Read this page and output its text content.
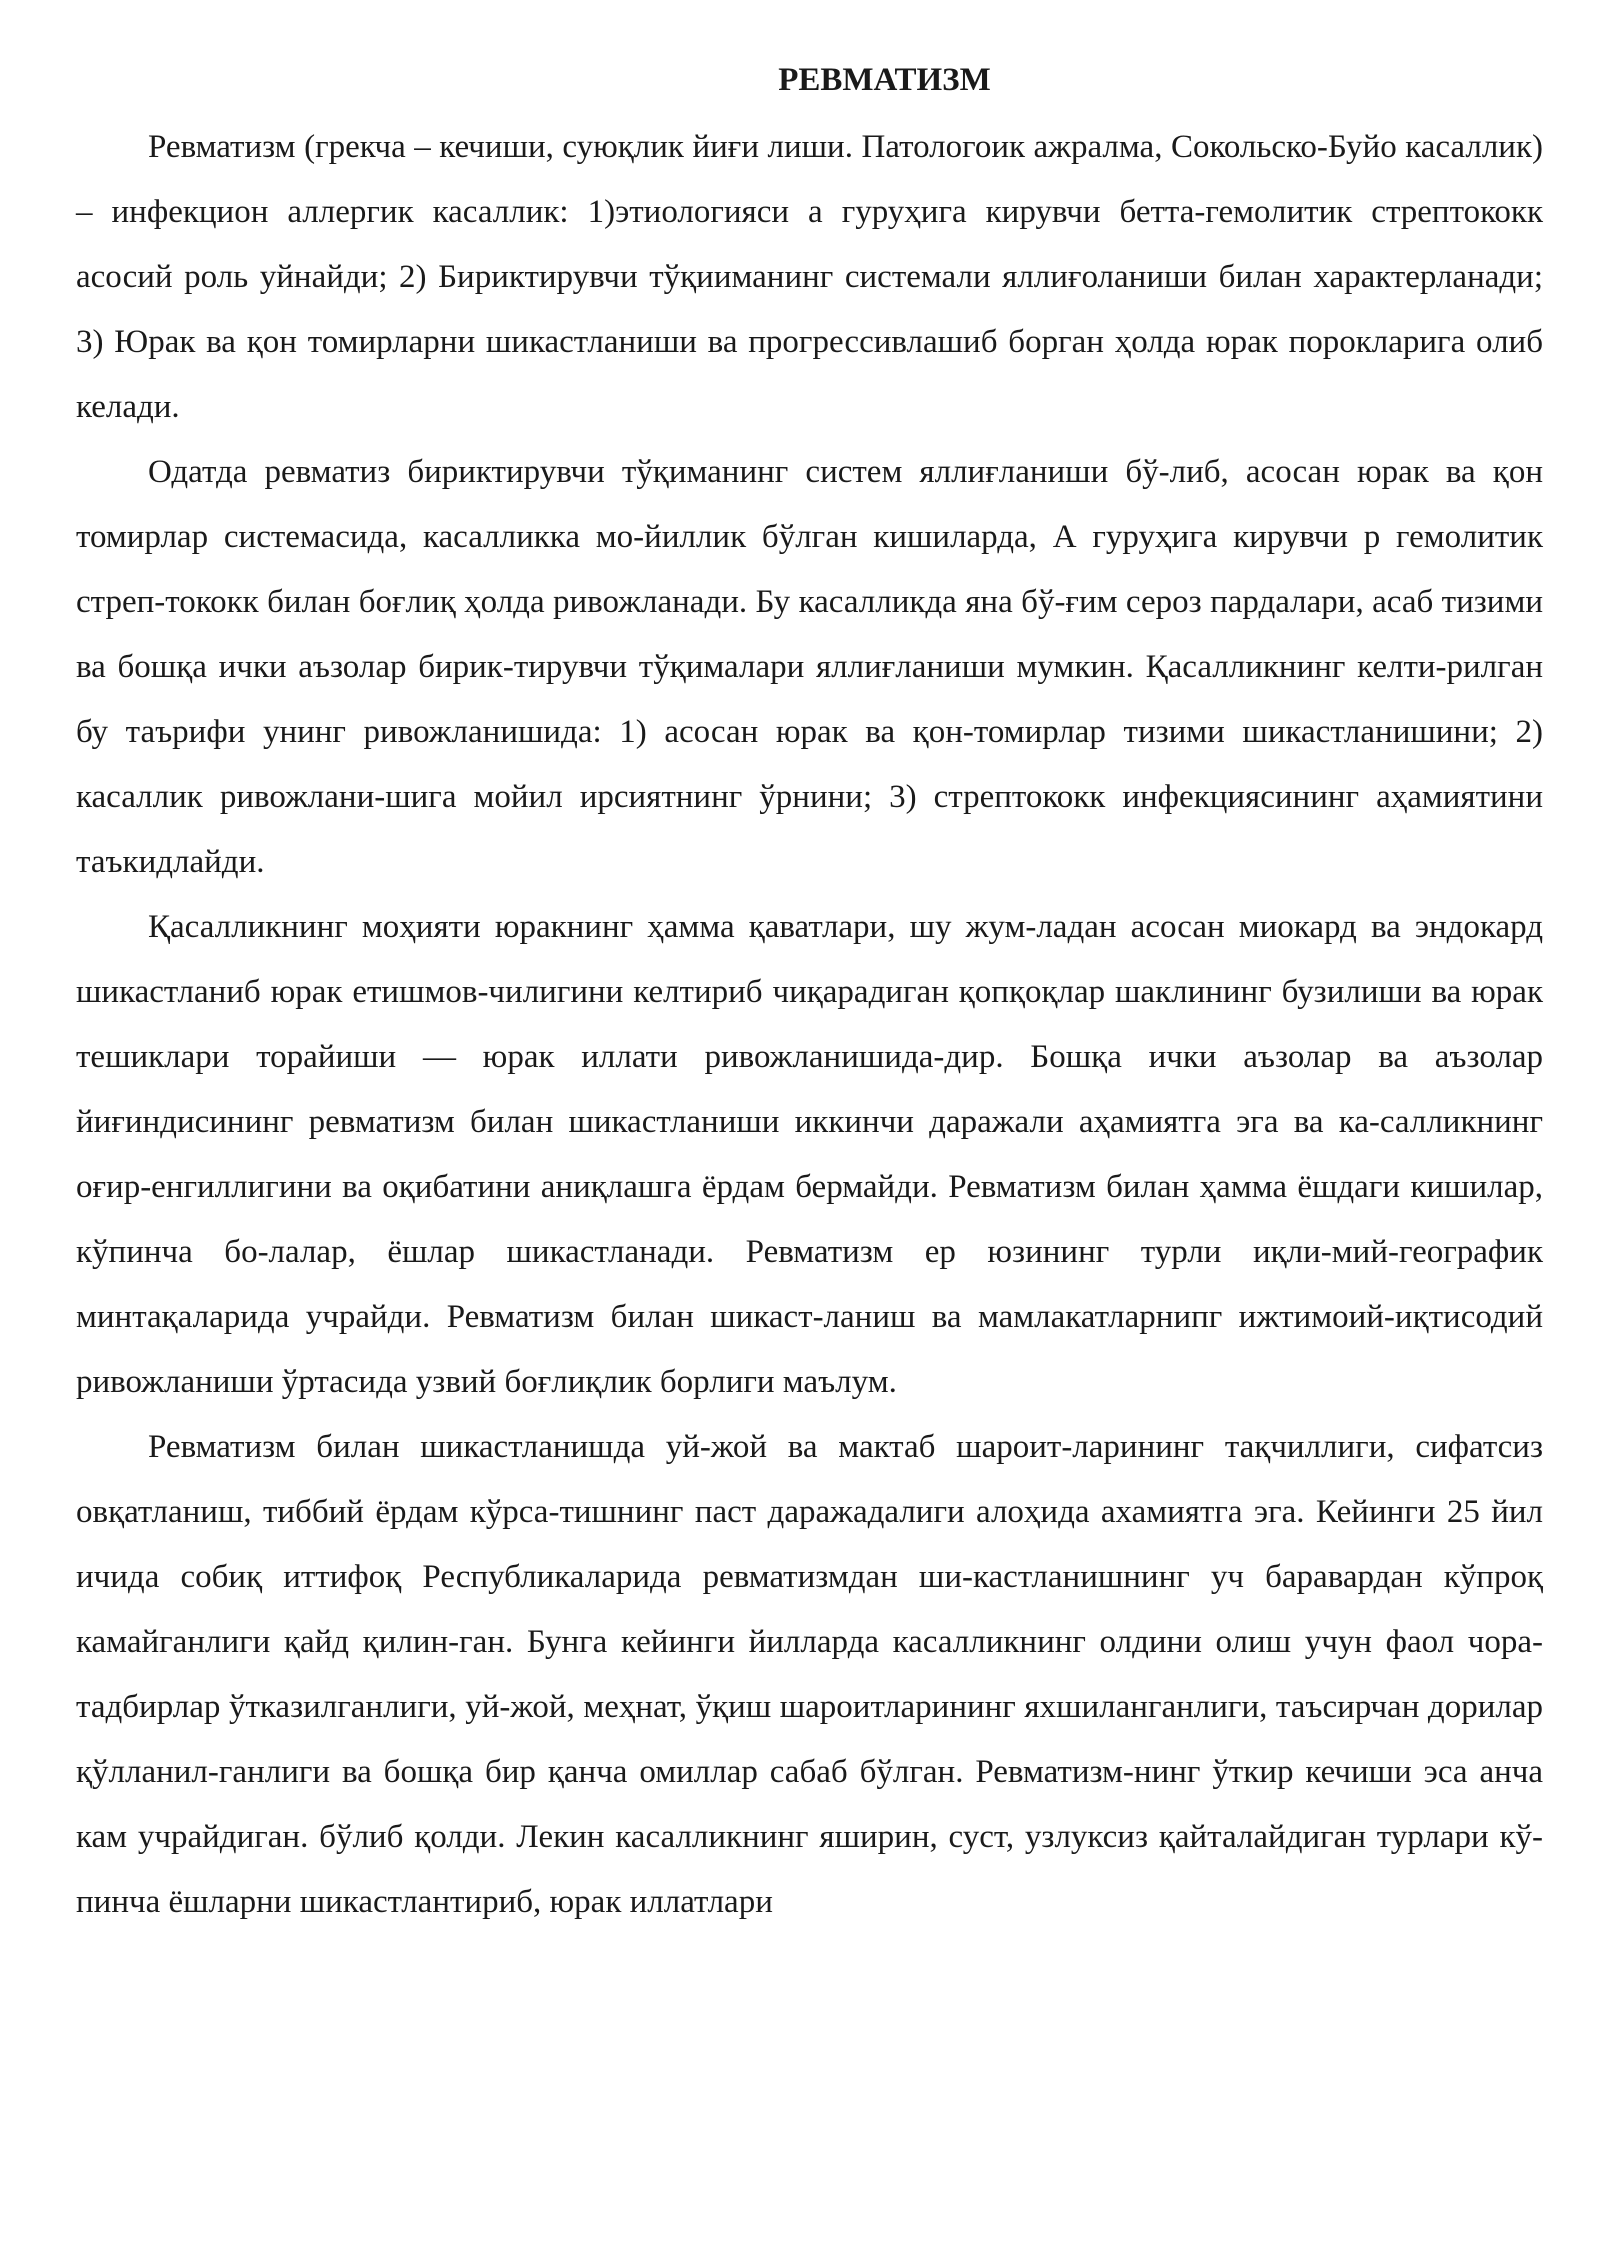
РЕВМАТИЗМ

Ревматизм (грекча – кечиши, суюқлик йиғи лиши. Патологоик ажралма, Сокольско-Буйо касаллик) – инфекцион аллергик касаллик: 1)этиологияси а гуруҳига кирувчи бетта-гемолитик стрептококк асосий роль уйнайди; 2) Бириктирувчи тўқииманинг системали яллиғоланиши билан характерланади; 3) Юрак ва қон томирларни шикастланиши ва прогрессивлашиб борган ҳолда юрак порокларига олиб келади.

Одатда ревматиз бириктирувчи тўқиманинг систем яллиғланиши бў-либ, асосан юрак ва қон томирлар системасида, касалликка мо-йиллик бўлган кишиларда, А гуруҳига кирувчи р гемолитик стреп-тококк билан боғлиқ ҳолда ривожланади. Бу касалликда яна бў-ғим сероз пардалари, асаб тизими ва бошқа ички аъзолар бирик-тирувчи тўқималари яллиғланиши мумкин. Қасалликнинг келти-рилган бу таърифи унинг ривожланишида: 1) асосан юрак ва қон-томирлар тизими шикастланишини; 2) касаллик ривожлани-шига мойил ирсиятнинг ўрнини; 3) стрептококк инфекциясининг аҳамиятини таъкидлайди.

Қасалликнинг моҳияти юракнинг ҳамма қаватлари, шу жум-ладан асосан миокард ва эндокард шикастланиб юрак етишмов-чилигини келтириб чиқарадиган қопқоқлар шаклининг бузилиши ва юрак тешиклари торайиши — юрак иллати ривожланишида-дир. Бошқа ички аъзолар ва аъзолар йиғиндисининг ревматизм билан шикастланиши иккинчи даражали аҳамиятга эга ва ка-салликнинг оғир-енгиллигини ва оқибатини аниқлашга ёрдам бермайди. Ревматизм билан ҳамма ёшдаги кишилар, кўпинча бо-лалар, ёшлар шикастланади. Ревматизм ер юзининг турли иқли-мий-географик минтақаларида учрайди. Ревматизм билан шикаст-ланиш ва мамлакатларнипг ижтимоий-иқтисодий ривожланиши ўртасида узвий боғлиқлик борлиги маълум.

Ревматизм билан шикастланишда уй-жой ва мактаб шароит-ларининг тақчиллиги, сифатсиз овқатланиш, тиббий ёрдам кўрса-тишнинг паст даражадалиги алоҳида ахамиятга эга. Кейинги 25 йил ичида собиқ иттифоқ Республикаларида ревматизмдан ши-кастланишнинг уч баравардан кўпроқ камайганлиги қайд қилин-ган. Бунга кейинги йилларда касалликнинг олдини олиш учун фаол чора-тадбирлар ўтказилганлиги, уй-жой, меҳнат, ўқиш шароитларининг яхшиланганлиги, таъсирчан дорилар қўлланил-ганлиги ва бошқа бир қанча омиллар сабаб бўлган. Ревматизм-нинг ўткир кечиши эса анча кам учрайдиган. бўлиб қолди. Лекин касалликнинг яширин, суст, узлуксиз қайталайдиган турлари кў-пинча ёшларни шикастлантириб, юрак иллатлари
